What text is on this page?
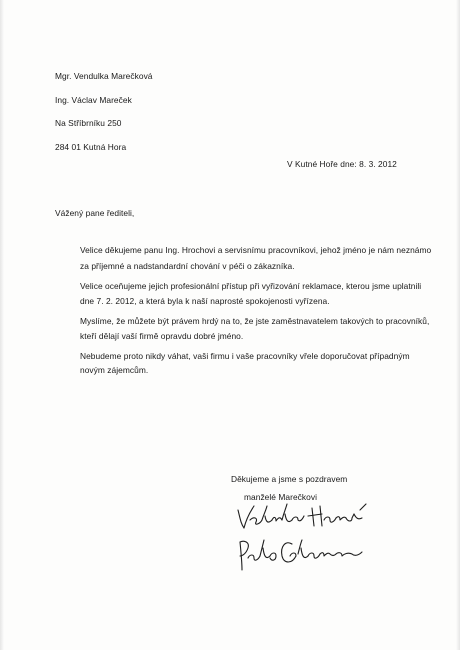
Mgr. Vendulka Marečková
Ing. Václav Mareček
Na Stříbrníku 250
284 01 Kutná Hora
V Kutné Hoře dne: 8. 3. 2012
Vážený pane řediteli,
Velice děkujeme panu Ing. Hrochovi a servisnímu pracovníkovi, jehož jméno je nám neznámo
za příjemné a nadstandardní chování v péči o zákazníka.
Velice oceňujeme jejich profesionální přístup při vyřizování reklamace, kterou jsme uplatnili
dne 7. 2. 2012, a která byla k naší naprosté spokojenosti vyřízena.
Myslíme, že můžete být právem hrdý na to, že jste zaměstnavatelem takových to pracovníků,
kteří dělají vaší firmě opravdu dobré jméno.
Nebudeme proto nikdy váhat, vaši firmu i vaše pracovníky vřele doporučovat případným
novým zájemcům.
Děkujeme a jsme s pozdravem
manželé Marečkovi
